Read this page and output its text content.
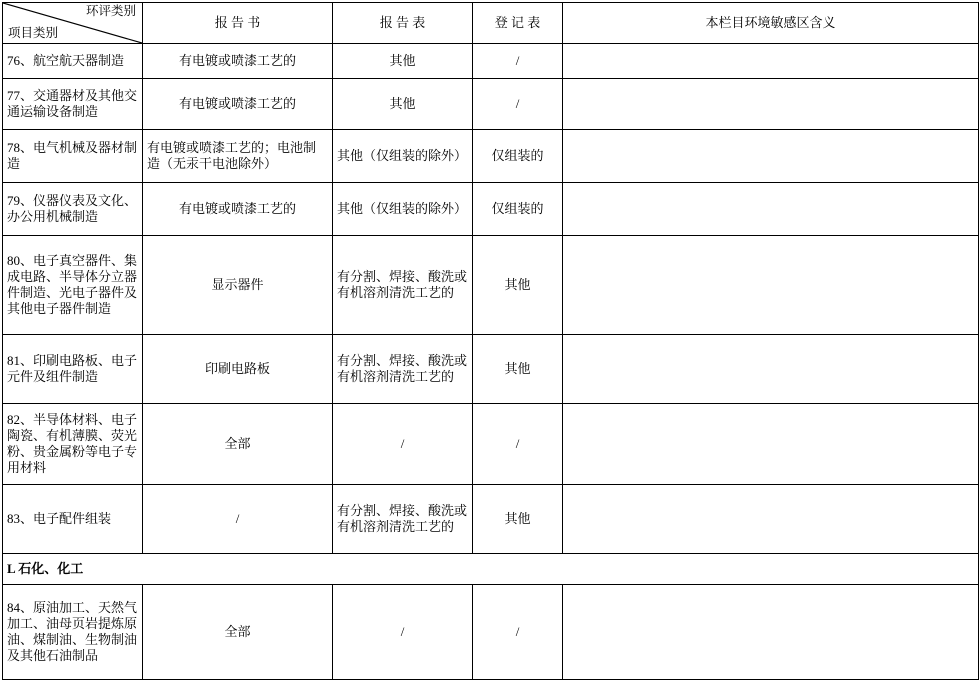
环评类别
项目类别	报 告 书	报 告 表	登 记 表	本栏目环境敏感区含义
76、航空航天器制造	有电镀或喷漆工艺的	其他	/	
77、交通器材及其他交通运输设备制造	有电镀或喷漆工艺的	其他	/	
78、电气机械及器材制造	有电镀或喷漆工艺的；电池制造（无汞干电池除外）	其他（仅组装的除外）	仅组装的	
79、仪器仪表及文化、办公用机械制造	有电镀或喷漆工艺的	其他（仅组装的除外）	仅组装的	
80、电子真空器件、集成电路、半导体分立器件制造、光电子器件及其他电子器件制造	显示器件	有分割、焊接、酸洗或有机溶剂清洗工艺的	其他	
81、印刷电路板、电子元件及组件制造	印刷电路板	有分割、焊接、酸洗或有机溶剂清洗工艺的	其他	
82、半导体材料、电子陶瓷、有机薄膜、荧光粉、贵金属粉等电子专用材料	全部	/	/	
83、电子配件组装	/	有分割、焊接、酸洗或有机溶剂清洗工艺的	其他	
L 石化、化工				
84、原油加工、天然气加工、油母页岩提炼原油、煤制油、生物制油及其他石油制品	全部	/	/	
